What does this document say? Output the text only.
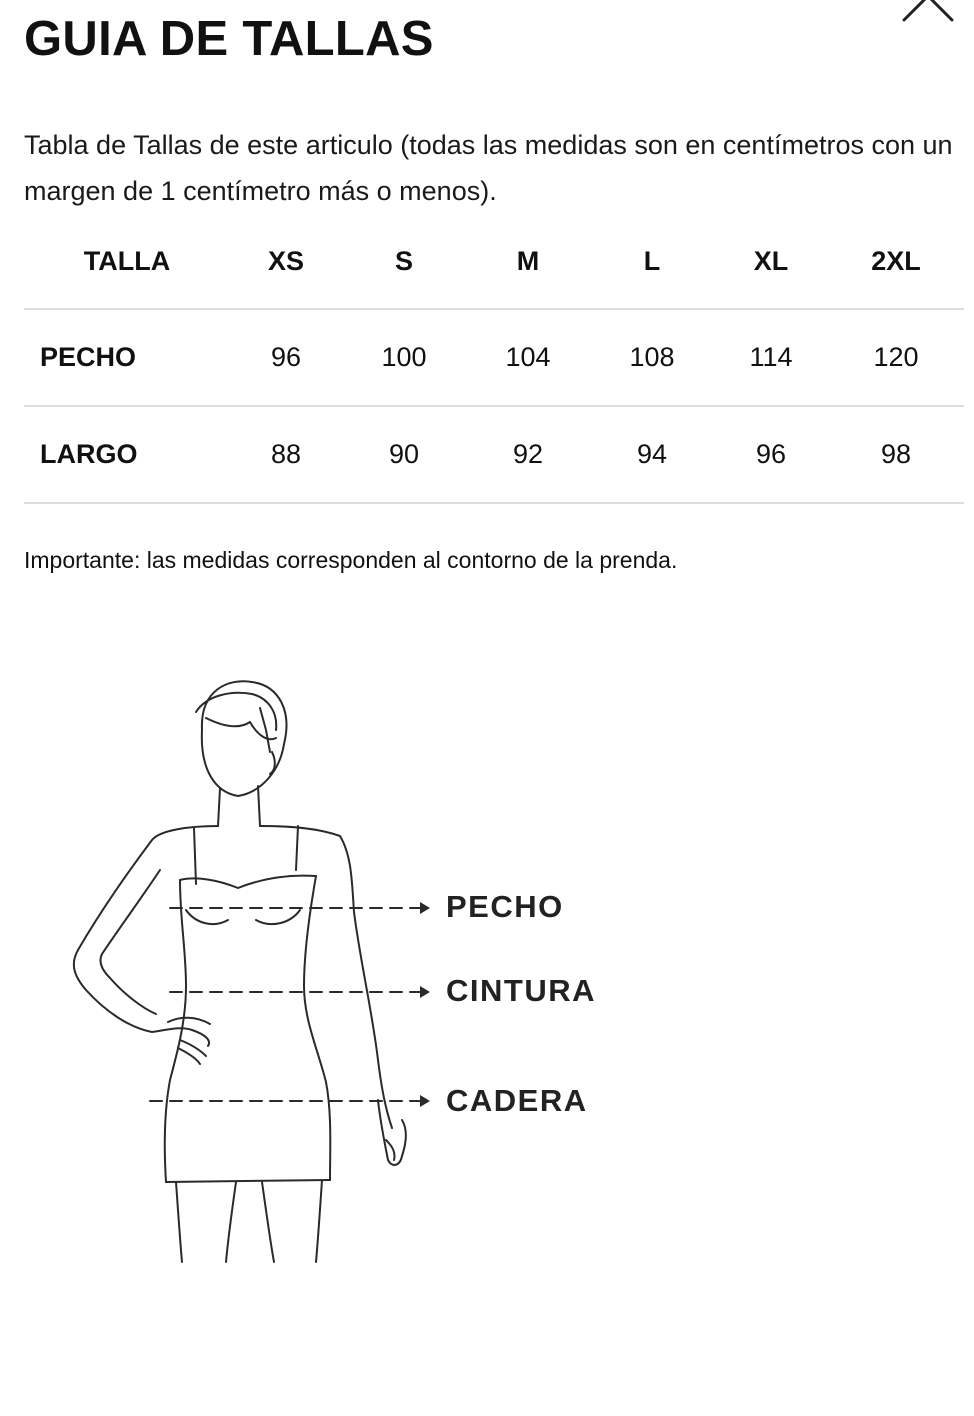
GUIA DE TALLAS

Tabla de Tallas de este articulo (todas las medidas son en centímetros con un margen de 1 centímetro más o menos).

TALLA	XS	S	M	L	XL	2XL
PECHO	96	100	104	108	114	120
LARGO	88	90	92	94	96	98

Importante: las medidas corresponden al contorno de la prenda.

PECHO
CINTURA
CADERA
